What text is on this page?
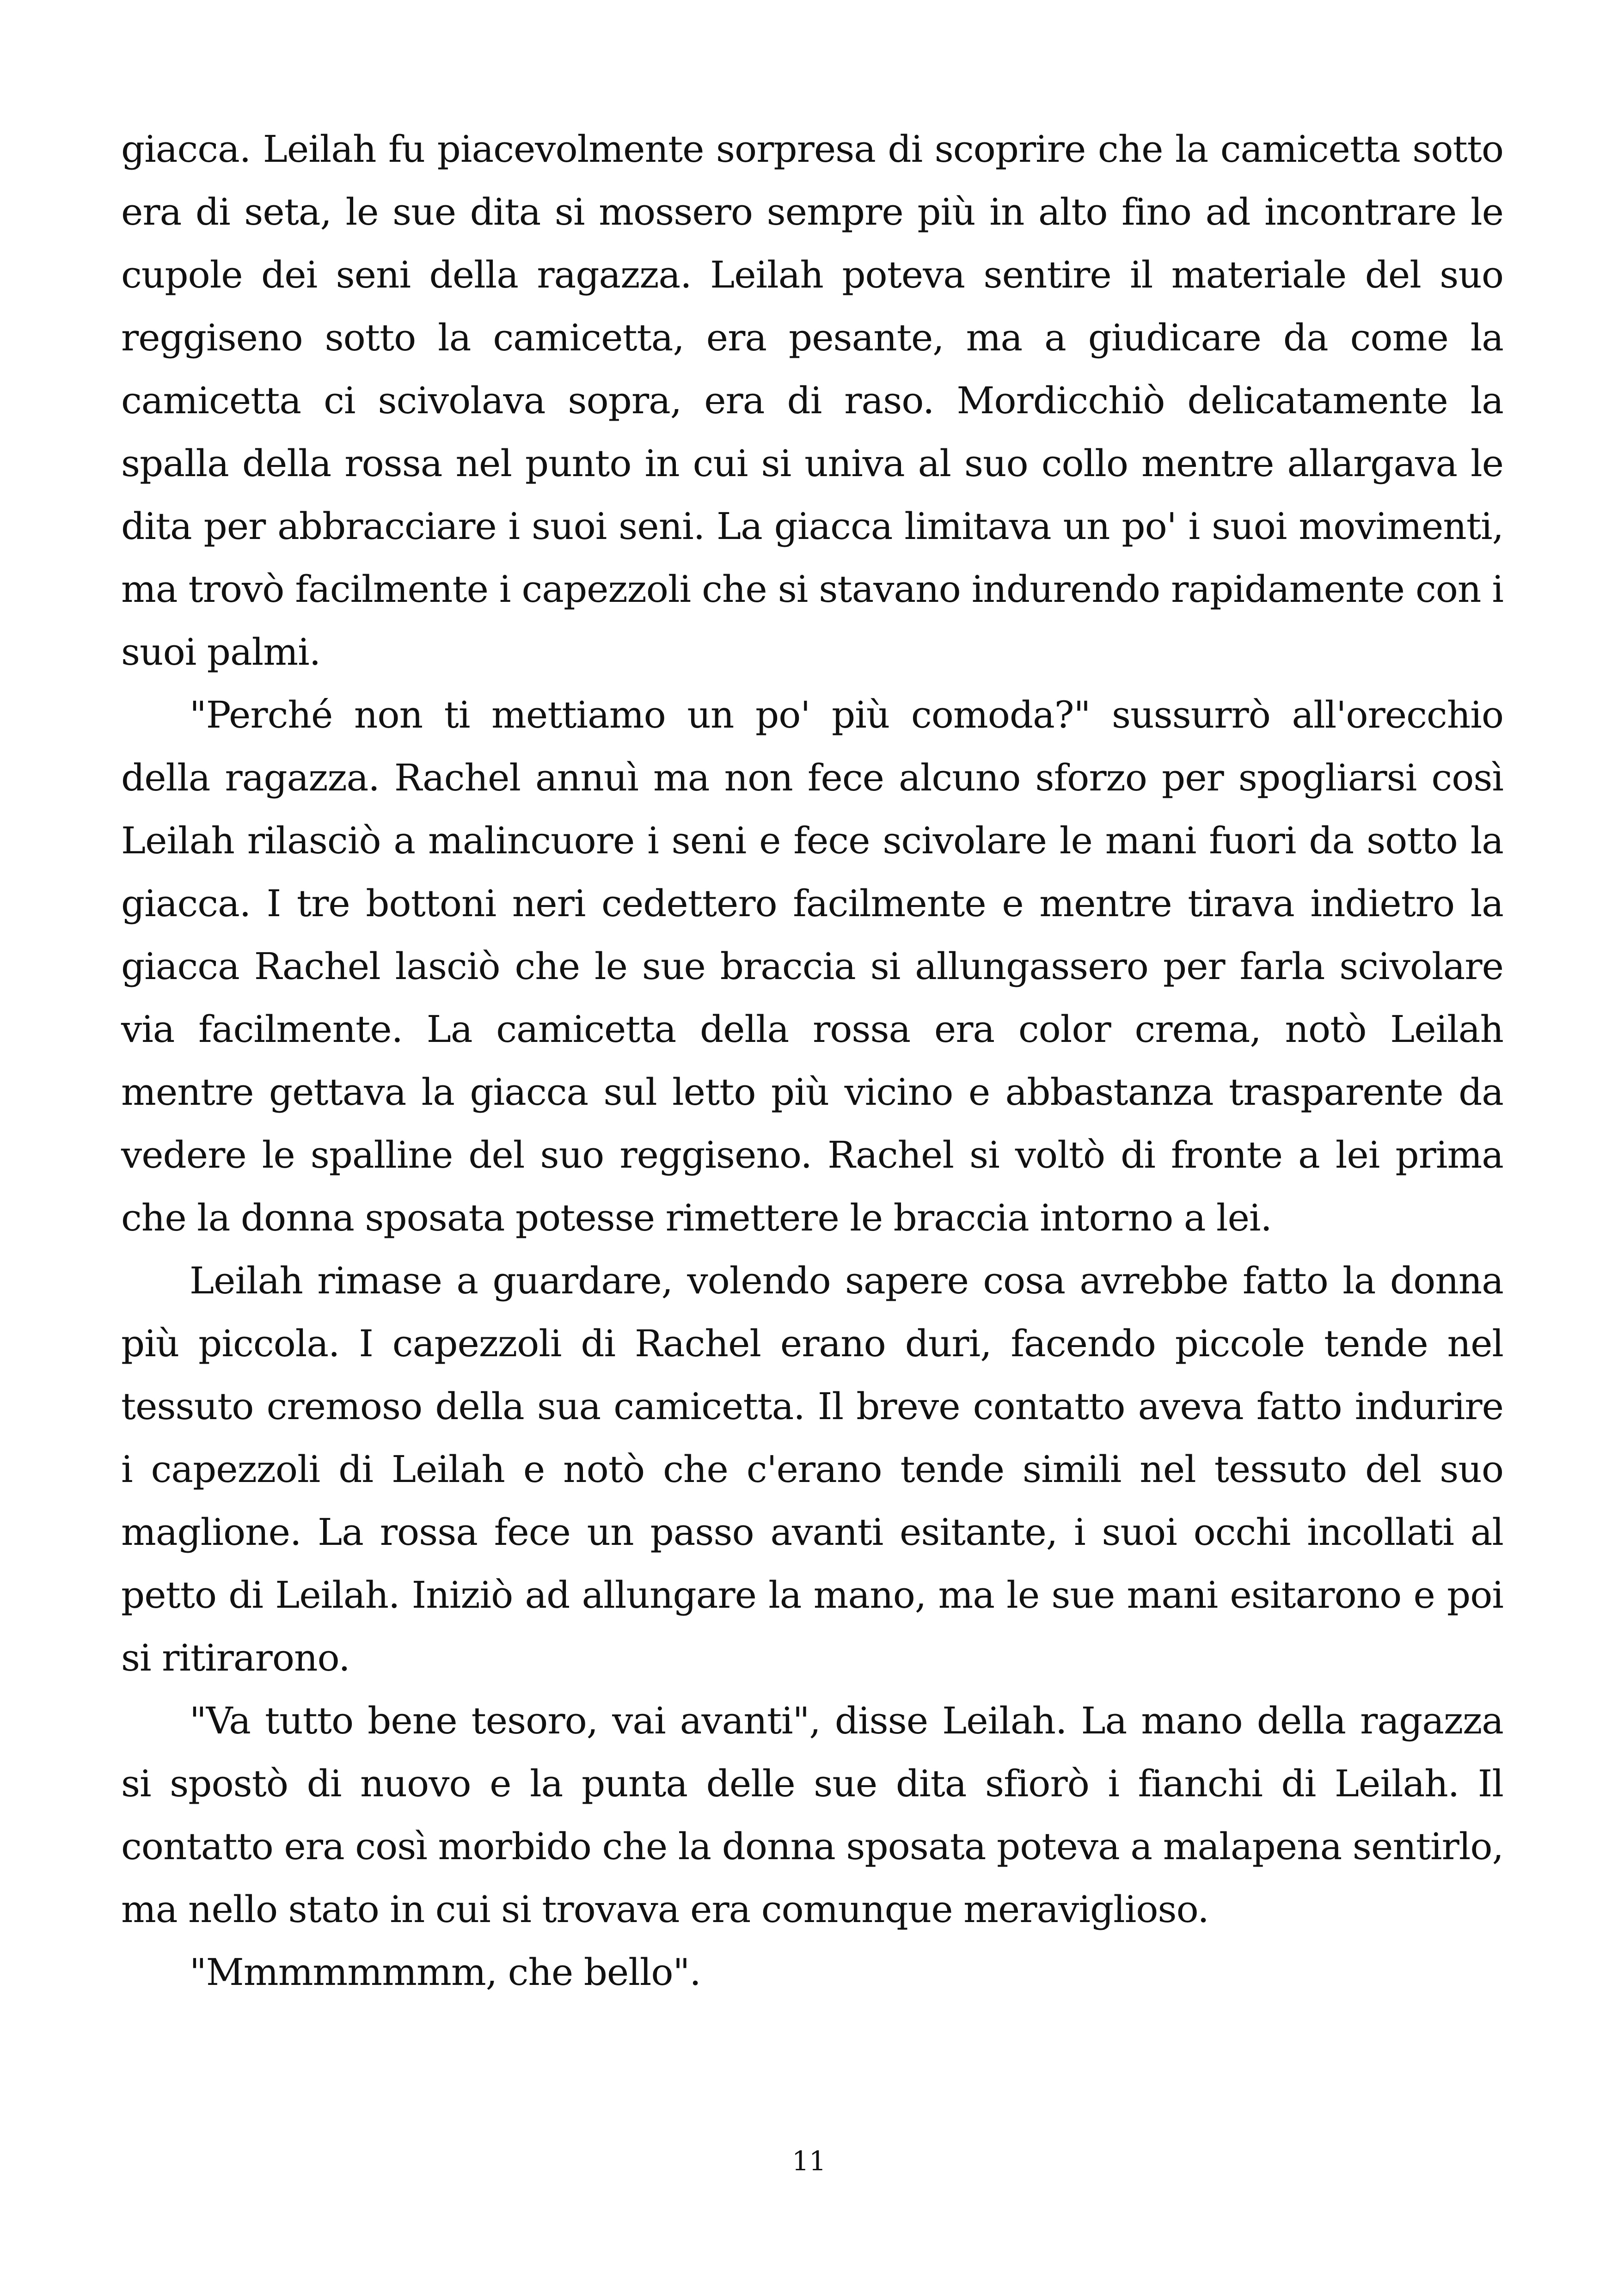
giacca. Leilah fu piacevolmente sorpresa di scoprire che la camicetta sotto era di seta, le sue dita si mossero sempre più in alto fino ad incontrare le cupole dei seni della ragazza. Leilah poteva sentire il materiale del suo reggiseno sotto la camicetta, era pesante, ma a giudicare da come la camicetta ci scivolava sopra, era di raso. Mordicchiò delicatamente la spalla della rossa nel punto in cui si univa al suo collo mentre allargava le dita per abbracciare i suoi seni. La giacca limitava un po' i suoi movimenti, ma trovò facilmente i capezzoli che si stavano indurendo rapidamente con i suoi palmi.

"Perché non ti mettiamo un po' più comoda?" sussurrò all'orecchio della ragazza. Rachel annuì ma non fece alcuno sforzo per spogliarsi così Leilah rilasciò a malincuore i seni e fece scivolare le mani fuori da sotto la giacca. I tre bottoni neri cedettero facilmente e mentre tirava indietro la giacca Rachel lasciò che le sue braccia si allungassero per farla scivolare via facilmente. La camicetta della rossa era color crema, notò Leilah mentre gettava la giacca sul letto più vicino e abbastanza trasparente da vedere le spalline del suo reggiseno. Rachel si voltò di fronte a lei prima che la donna sposata potesse rimettere le braccia intorno a lei.

Leilah rimase a guardare, volendo sapere cosa avrebbe fatto la donna più piccola. I capezzoli di Rachel erano duri, facendo piccole tende nel tessuto cremoso della sua camicetta. Il breve contatto aveva fatto indurire i capezzoli di Leilah e notò che c'erano tende simili nel tessuto del suo maglione. La rossa fece un passo avanti esitante, i suoi occhi incollati al petto di Leilah. Iniziò ad allungare la mano, ma le sue mani esitarono e poi si ritirarono.

"Va tutto bene tesoro, vai avanti", disse Leilah. La mano della ragazza si spostò di nuovo e la punta delle sue dita sfiorò i fianchi di Leilah. Il contatto era così morbido che la donna sposata poteva a malapena sentirlo, ma nello stato in cui si trovava era comunque meraviglioso.

"Mmmmmmmm, che bello".

11
